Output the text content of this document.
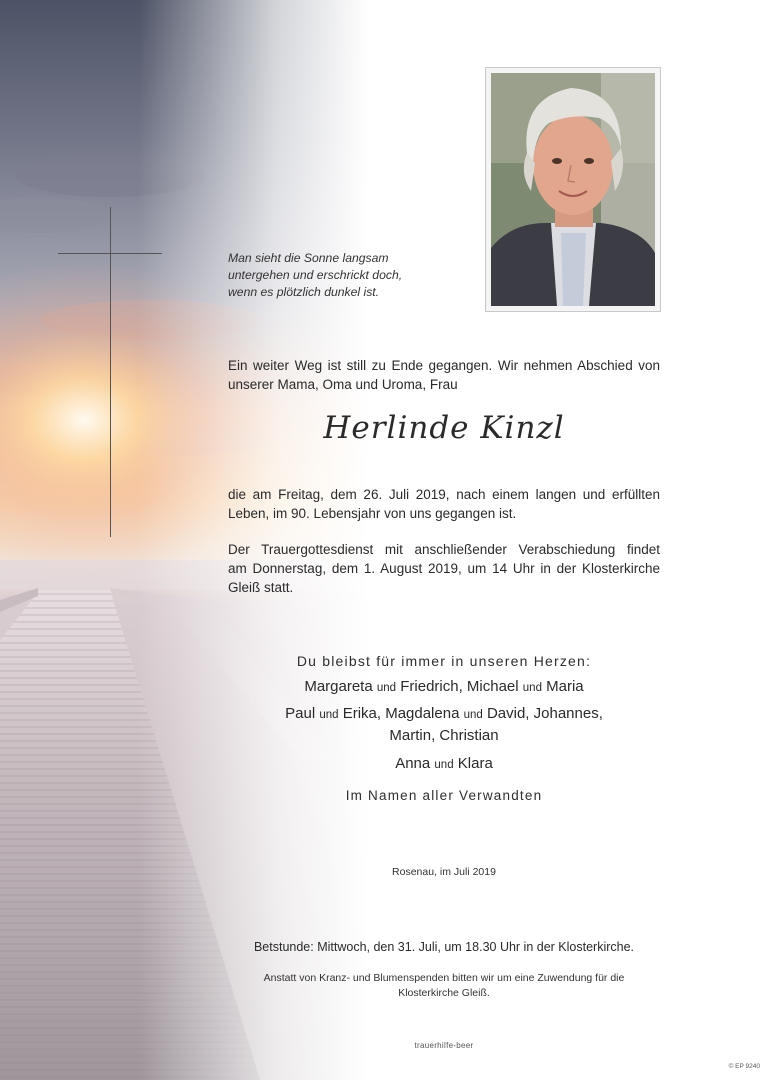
Man sieht die Sonne langsam
untergehen und erschrickt doch,
wenn es plötzlich dunkel ist.
Ein weiter Weg ist still zu Ende gegangen. Wir nehmen Abschied von
unserer Mama, Oma und Uroma, Frau
Herlinde Kinzl
die am Freitag, dem 26. Juli 2019, nach einem langen und erfüllten
Leben, im 90. Lebensjahr von uns gegangen ist.
Der Trauergottesdienst mit anschließender Verabschiedung findet
am Donnerstag, dem 1. August 2019, um 14 Uhr in der Klosterkirche
Gleiß statt.
Du bleibst für immer in unseren Herzen:
Margareta und Friedrich, Michael und Maria
Paul und Erika, Magdalena und David, Johannes,
Martin, Christian
Anna und Klara
Im Namen aller Verwandten
Rosenau, im Juli 2019
Betstunde: Mittwoch, den 31. Juli, um 18.30 Uhr in der Klosterkirche.
Anstatt von Kranz- und Blumenspenden bitten wir um eine Zuwendung für die
Klosterkirche Gleiß.
trauerhilfe-beer
© EP 9240
